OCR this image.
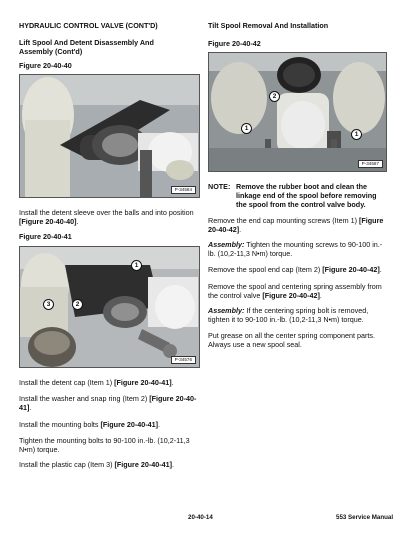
HYDRAULIC CONTROL VALVE (CONT'D)
Lift Spool And Detent Disassembly And Assembly (Cont'd)
Figure 20-40-40
P-34584
Install the detent sleeve over the balls and into position [Figure 20-40-40].
Figure 20-40-41
1
2
3
P-34576
Install the detent cap (Item 1) [Figure 20-40-41].
Install the washer and snap ring (Item 2) [Figure 20-40-41].
Install the mounting bolts [Figure 20-40-41].
Tighten the mounting bolts to 90-100 in.-lb. (10,2-11,3 N•m) torque.
Install the plastic cap (Item 3) [Figure 20-40-41].
Tilt Spool Removal And Installation
Figure 20-40-42
2
1
1
P-34587
NOTE: Remove the rubber boot and clean the linkage end of the spool before removing the spool from the control valve body.
Remove the end cap mounting screws (Item 1) [Figure 20-40-42].
Assembly: Tighten the mounting screws to 90-100 in.-lb. (10,2-11,3 N•m) torque.
Remove the spool end cap (Item 2) [Figure 20-40-42].
Remove the spool and centering spring assembly from the control valve [Figure 20-40-42].
Assembly: If the centering spring bolt is removed, tighten it to 90-100 in.-lb. (10,2-11,3 N•m) torque.
Put grease on all the center spring component parts. Always use a new spool seal.
20-40-14	553 Service Manual
